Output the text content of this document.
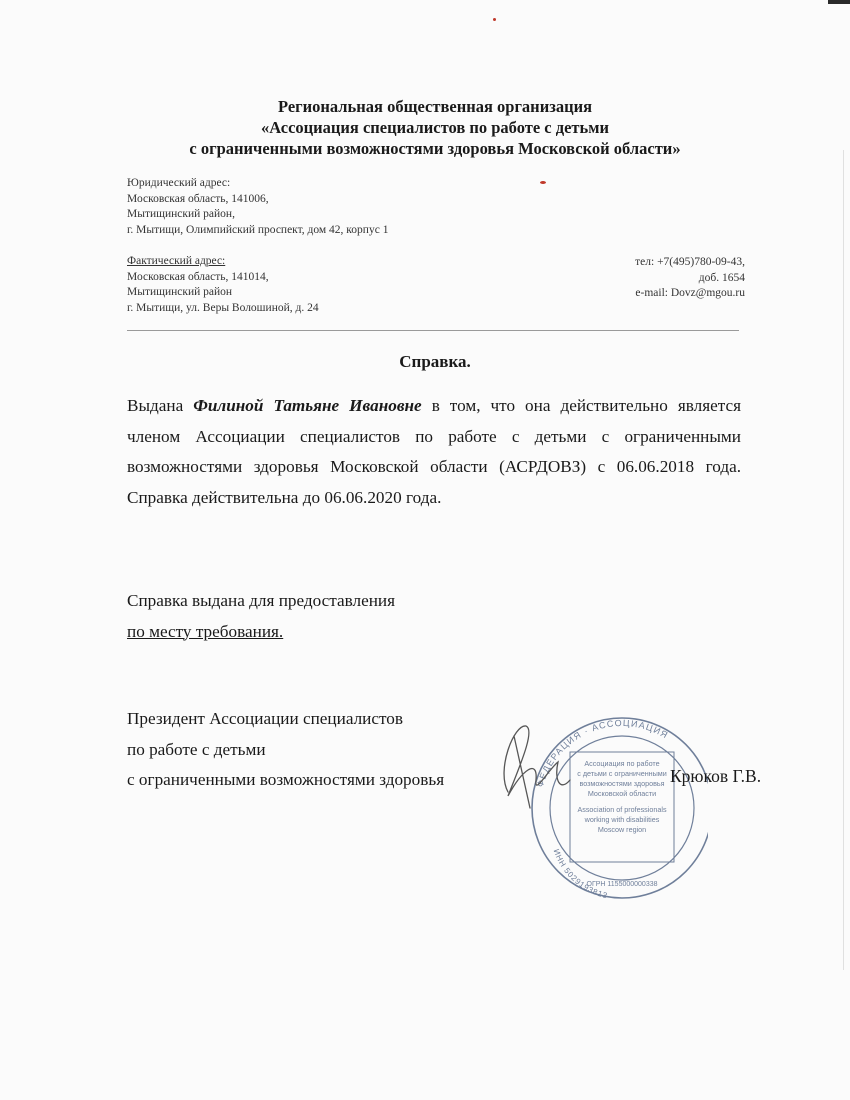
Региональная общественная организация
«Ассоциация специалистов по работе с детьми
с ограниченными возможностями здоровья Московской области»
Юридический адрес:
Московская область, 141006,
Мытищинский район,
г. Мытищи, Олимпийский проспект, дом 42, корпус 1
Фактический адрес:
Московская область, 141014,
Мытищинский район
г. Мытищи, ул. Веры Волошиной, д. 24
тел: +7(495)780-09-43,
доб. 1654
e-mail: Dovz@mgou.ru
Справка.
Выдана Филиной Татьяне Ивановне в том, что она действительно является
членом Ассоциации специалистов по работе с детьми с ограниченными
возможностями здоровья Московской области (АСРДОВЗ) с 06.06.2018 года.
Справка действительна до 06.06.2020 года.
Справка выдана для предоставления
по месту требования.
Президент Ассоциации специалистов
по работе с детьми
с ограниченными возможностями здоровья	ФЕДЕРАЦИЯ · АССОЦИАЦИЯ
ИНН 5029193813
ОГРН 1155000000338
Ассоциация по работе
с детьми с ограниченными
возможностями здоровья
Московской области
Association of professionals
working with disabilities
Moscow region
Крюков Г.В.
